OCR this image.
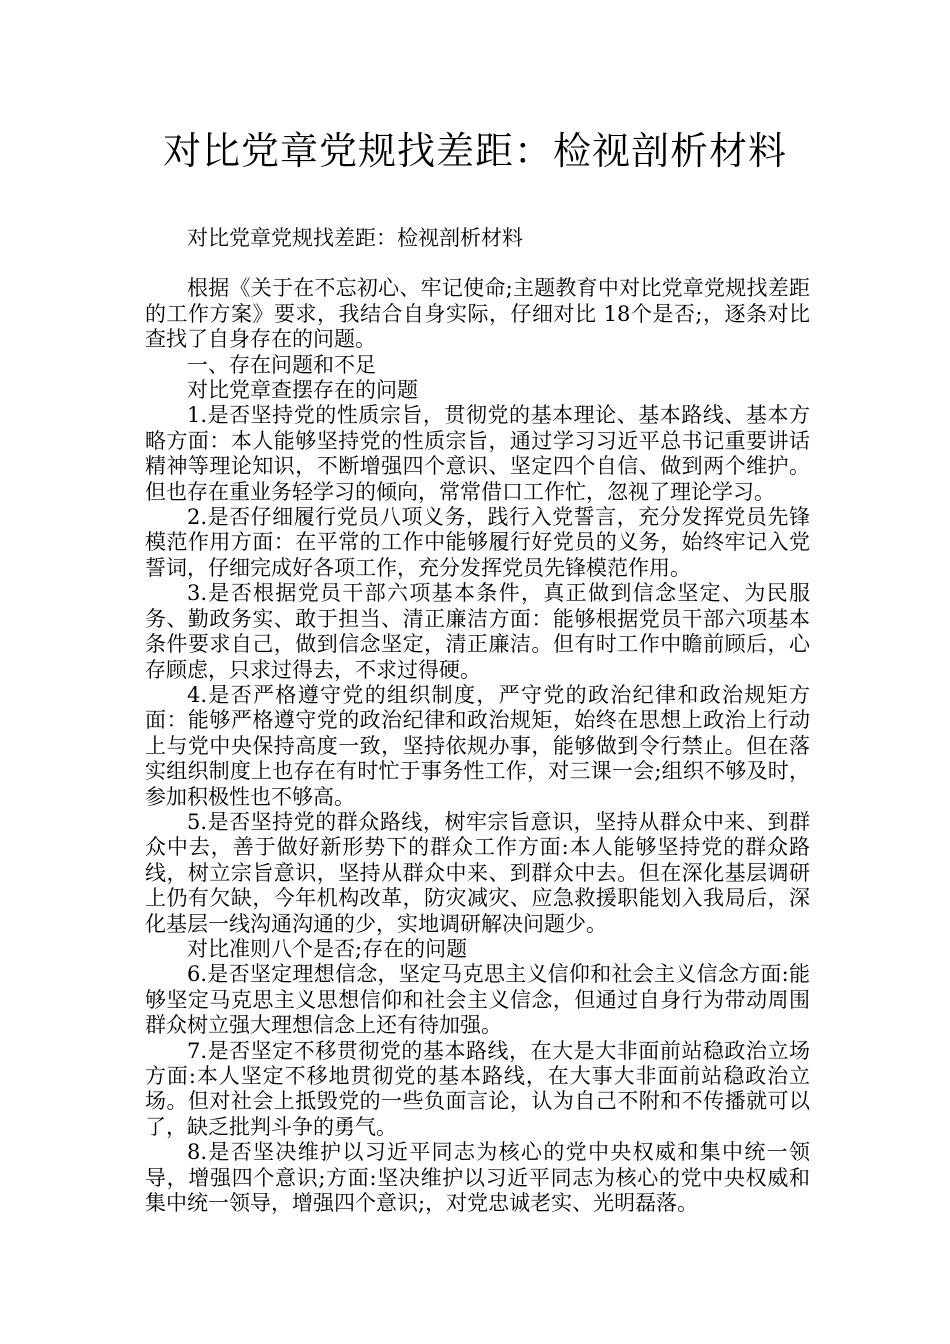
对比党章党规找差距：检视剖析材料

对比党章党规找差距：检视剖析材料

根据《关于在不忘初心、牢记使命;主题教育中对比党章党规找差距的工作方案》要求，我结合自身实际，仔细对比 18个是否;，逐条对比查找了自身存在的问题。

一、存在问题和不足

对比党章查摆存在的问题

1.是否坚持党的性质宗旨，贯彻党的基本理论、基本路线、基本方略方面：本人能够坚持党的性质宗旨，通过学习习近平总书记重要讲话精神等理论知识，不断增强四个意识、坚定四个自信、做到两个维护。但也存在重业务轻学习的倾向，常常借口工作忙，忽视了理论学习。

2.是否仔细履行党员八项义务，践行入党誓言，充分发挥党员先锋模范作用方面：在平常的工作中能够履行好党员的义务，始终牢记入党誓词，仔细完成好各项工作，充分发挥党员先锋模范作用。

3.是否根据党员干部六项基本条件，真正做到信念坚定、为民服务、勤政务实、敢于担当、清正廉洁方面：能够根据党员干部六项基本条件要求自己，做到信念坚定，清正廉洁。但有时工作中瞻前顾后，心存顾虑，只求过得去，不求过得硬。

4.是否严格遵守党的组织制度，严守党的政治纪律和政治规矩方面：能够严格遵守党的政治纪律和政治规矩，始终在思想上政治上行动上与党中央保持高度一致，坚持依规办事，能够做到令行禁止。但在落实组织制度上也存在有时忙于事务性工作，对三课一会;组织不够及时，参加积极性也不够高。

5.是否坚持党的群众路线，树牢宗旨意识，坚持从群众中来、到群众中去，善于做好新形势下的群众工作方面:本人能够坚持党的群众路线，树立宗旨意识，坚持从群众中来、到群众中去。但在深化基层调研上仍有欠缺，今年机构改革，防灾减灾、应急救援职能划入我局后，深化基层一线沟通沟通的少，实地调研解决问题少。

对比准则八个是否;存在的问题

6.是否坚定理想信念，坚定马克思主义信仰和社会主义信念方面:能够坚定马克思主义思想信仰和社会主义信念，但通过自身行为带动周围群众树立强大理想信念上还有待加强。

7.是否坚定不移贯彻党的基本路线，在大是大非面前站稳政治立场方面:本人坚定不移地贯彻党的基本路线，在大事大非面前站稳政治立场。但对社会上抵毁党的一些负面言论，认为自己不附和不传播就可以了，缺乏批判斗争的勇气。

8.是否坚决维护以习近平同志为核心的党中央权威和集中统一领导，增强四个意识;方面:坚决维护以习近平同志为核心的党中央权威和集中统一领导，增强四个意识;，对党忠诚老实、光明磊落。
